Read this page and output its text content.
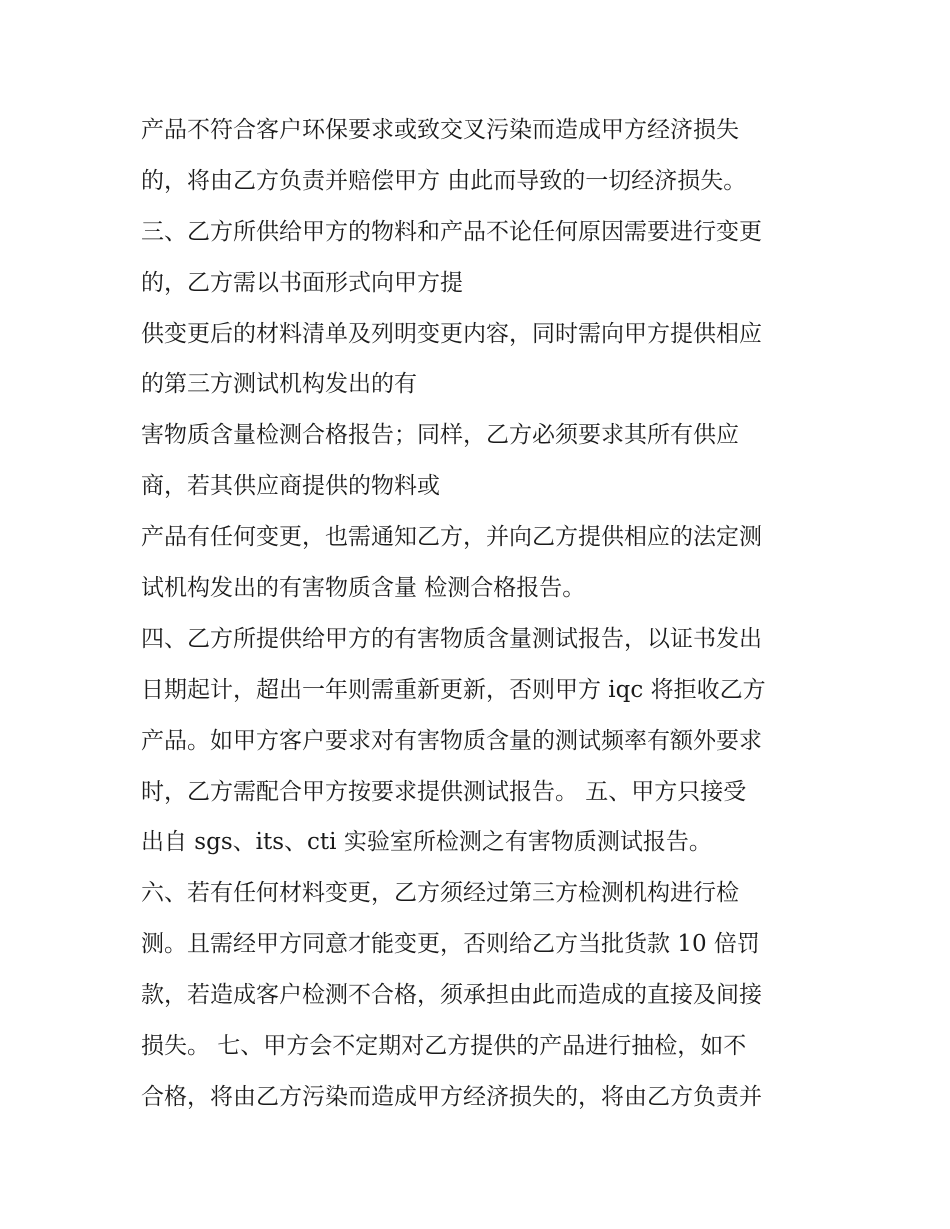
产品不符合客户环保要求或致交叉污染而造成甲方经济损失
的，将由乙方负责并赔偿甲方 由此而导致的一切经济损失。
三、乙方所供给甲方的物料和产品不论任何原因需要进行变更
的，乙方需以书面形式向甲方提
供变更后的材料清单及列明变更内容，同时需向甲方提供相应
的第三方测试机构发出的有
害物质含量检测合格报告；同样，乙方必须要求其所有供应
商，若其供应商提供的物料或
产品有任何变更，也需通知乙方，并向乙方提供相应的法定测
试机构发出的有害物质含量 检测合格报告。
四、乙方所提供给甲方的有害物质含量测试报告，以证书发出
日期起计，超出一年则需重新更新，否则甲方 iqc 将拒收乙方
产品。如甲方客户要求对有害物质含量的测试频率有额外要求
时，乙方需配合甲方按要求提供测试报告。 五、甲方只接受
出自 sgs、its、cti 实验室所检测之有害物质测试报告。
六、若有任何材料变更，乙方须经过第三方检测机构进行检
测。且需经甲方同意才能变更，否则给乙方当批货款 10 倍罚
款，若造成客户检测不合格，须承担由此而造成的直接及间接
损失。 七、甲方会不定期对乙方提供的产品进行抽检，如不
合格，将由乙方污染而造成甲方经济损失的，将由乙方负责并
